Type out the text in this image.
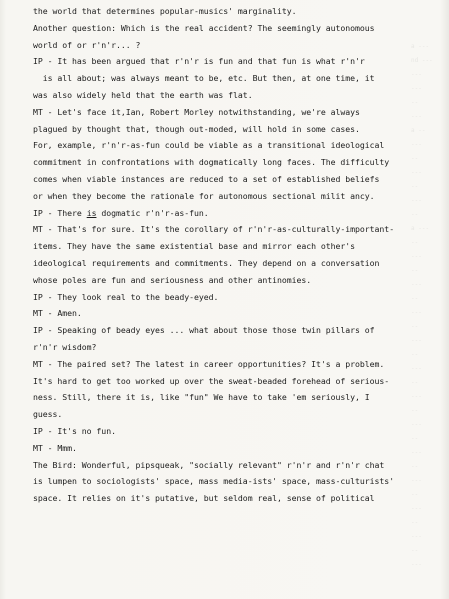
a ---
nd ---
---
---
--
---
a --
---
--
---
--
---
--
a ---
--
---
--
---
--
---
--
---
--
---
--
---
--
---
--
---
--
---
--
---
--
---
--
---
the world that determines popular-musics' marginality.
Another question: Which is the real accident? The seemingly autonomous
world of or r'n'r... ?
IP - It has been argued that r'n'r is fun and that fun is what r'n'r
is all about; was always meant to be, etc. But then, at one time, it
was also widely held that the earth was flat.
MT - Let's face it,Ian, Robert Morley notwithstanding, we're always
plagued by thought that, though out-moded, will hold in some cases.
For, example, r'n'r-as-fun could be viable as a transitional ideological
commitment in confrontations with dogmatically long faces. The difficulty
comes when viable instances are reduced to a set of established beliefs
or when they become the rationale for autonomous sectional milit ancy.
IP - There is dogmatic r'n'r-as-fun.
MT - That's for sure. It's the corollary of r'n'r-as-culturally-important-
items. They have the same existential base and mirror each other's
ideological requirements and commitments. They depend on a conversation
whose poles are fun and seriousness and other antinomies.
IP - They look real to the beady-eyed.
MT - Amen.
IP - Speaking of beady eyes ... what about those those twin pillars of
r'n'r wisdom?
MT - The paired set? The latest in career opportunities? It's a problem.
It's hard to get too worked up over the sweat-beaded forehead of serious-
ness. Still, there it is, like "fun" We have to take 'em seriously, I
guess.
IP - It's no fun.
MT - Mmm.
The Bird: Wonderful, pipsqueak, "socially relevant" r'n'r and r'n'r chat
is lumpen to sociologists' space, mass media-ists' space, mass-culturists'
space. It relies on it's putative, but seldom real, sense of political
